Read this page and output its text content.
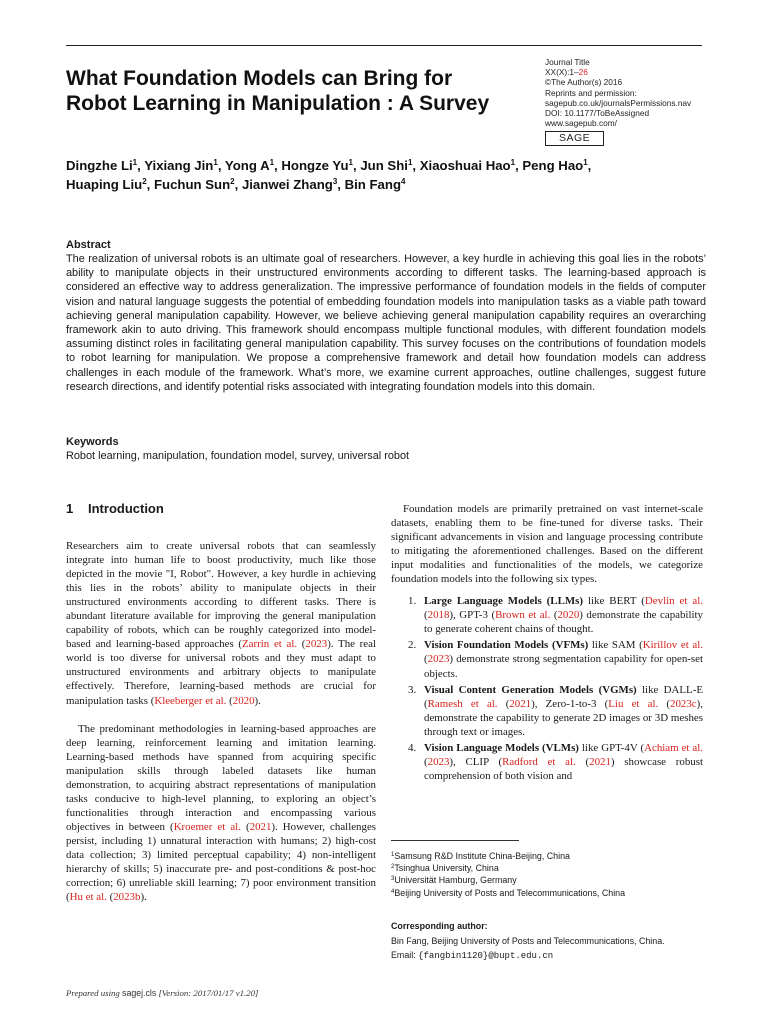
What Foundation Models can Bring for Robot Learning in Manipulation : A Survey
Journal Title
XX(X):1–26
©The Author(s) 2016
Reprints and permission:
sagepub.co.uk/journalsPermissions.nav
DOI: 10.1177/ToBeAssigned
www.sagepub.com/
SAGE
Dingzhe Li$^1$, Yixiang Jin$^1$, Yong $A^1$, Hongze Yu$^1$, Jun Shi$^1$, Xiaoshuai Hao$^1$, Peng Hao$^1$,
Huaping Liu$^2$, Fuchun Sun$^2$, Jianwei Zhang$^3$, Bin Fang$^4$
Abstract
The realization of universal robots is an ultimate goal of researchers. However, a key hurdle in achieving this goal lies in the robots’ ability to manipulate objects in their unstructured environments according to different tasks. The learning-based approach is considered an effective way to address generalization. The impressive performance of foundation models in the fields of computer vision and natural language suggests the potential of embedding foundation models into manipulation tasks as a viable path toward achieving general manipulation capability. However, we believe achieving general manipulation capability requires an overarching framework akin to auto driving. This framework should encompass multiple functional modules, with different foundation models assuming distinct roles in facilitating general manipulation capability. This survey focuses on the contributions of foundation models to robot learning for manipulation. We propose a comprehensive framework and detail how foundation models can address challenges in each module of the framework. What’s more, we examine current approaches, outline challenges, suggest future research directions, and identify potential risks associated with integrating foundation models into this domain.
Keywords
Robot learning, manipulation, foundation model, survey, universal robot
1 Introduction

Researchers aim to create universal robots that can seamlessly integrate into human life to boost productivity, much like those depicted in the movie "I, Robot". However, a key hurdle in achieving this lies in the robots’ ability to manipulate objects in their unstructured environments according to different tasks. There is abundant literature available for improving the general manipulation capability of robots, which can be roughly categorized into model-based and learning-based approaches (Zarrin et al. (2023). The real world is too diverse for universal robots and they must adapt to unstructured environments and arbitrary objects to manipulate effectively. Therefore, learning-based methods are crucial for manipulation tasks (Kleeberger et al. (2020).

The predominant methodologies in learning-based approaches are deep learning, reinforcement learning and imitation learning. Learning-based methods have spanned from acquiring specific manipulation skills through labeled datasets like human demonstration, to acquiring abstract representations of manipulation tasks conducive to high-level planning, to exploring an object’s functionalities through interaction and encompassing various objectives in between (Kroemer et al. (2021). However, challenges persist, including 1) unnatural interaction with humans; 2) high-cost data collection; 3) limited perceptual capability; 4) non-intelligent hierarchy of skills; 5) inaccurate pre- and post-conditions & post-hoc correction; 6) unreliable skill learning; 7) poor environment transition (Hu et al. (2023b).

Foundation models are primarily pretrained on vast internet-scale datasets, enabling them to be fine-tuned for diverse tasks. Their significant advancements in vision and language processing contribute to mitigating the aforementioned challenges. Based on the different input modalities and functionalities of the models, we categorize foundation models into the following six types.

1. Large Language Models (LLMs) like BERT (Devlin et al. (2018), GPT-3 (Brown et al. (2020) demonstrate the capability to generate coherent chains of thought.
2. Vision Foundation Models (VFMs) like SAM (Kirillov et al. (2023) demonstrate strong segmentation capability for open-set objects.
3. Visual Content Generation Models (VGMs) like DALL-E (Ramesh et al. (2021), Zero-1-to-3 (Liu et al. (2023c), demonstrate the capability to generate 2D images or 3D meshes through text or images.
4. Vision Language Models (VLMs) like GPT-4V (Achiam et al. (2023), CLIP (Radford et al. (2021) showcase robust comprehension of both vision and
$^1$Samsung R&D Institute China-Beijing, China
$^2$Tsinghua University, China
$^3$Universität Hamburg, Germany
$^4$Beijing University of Posts and Telecommunications, China
Corresponding author:
Bin Fang, Beijing University of Posts and Telecommunications, China.
Email: {fangbin1120}@bupt.edu.cn
Prepared using sagej.cls [Version: 2017/01/17 v1.20]
